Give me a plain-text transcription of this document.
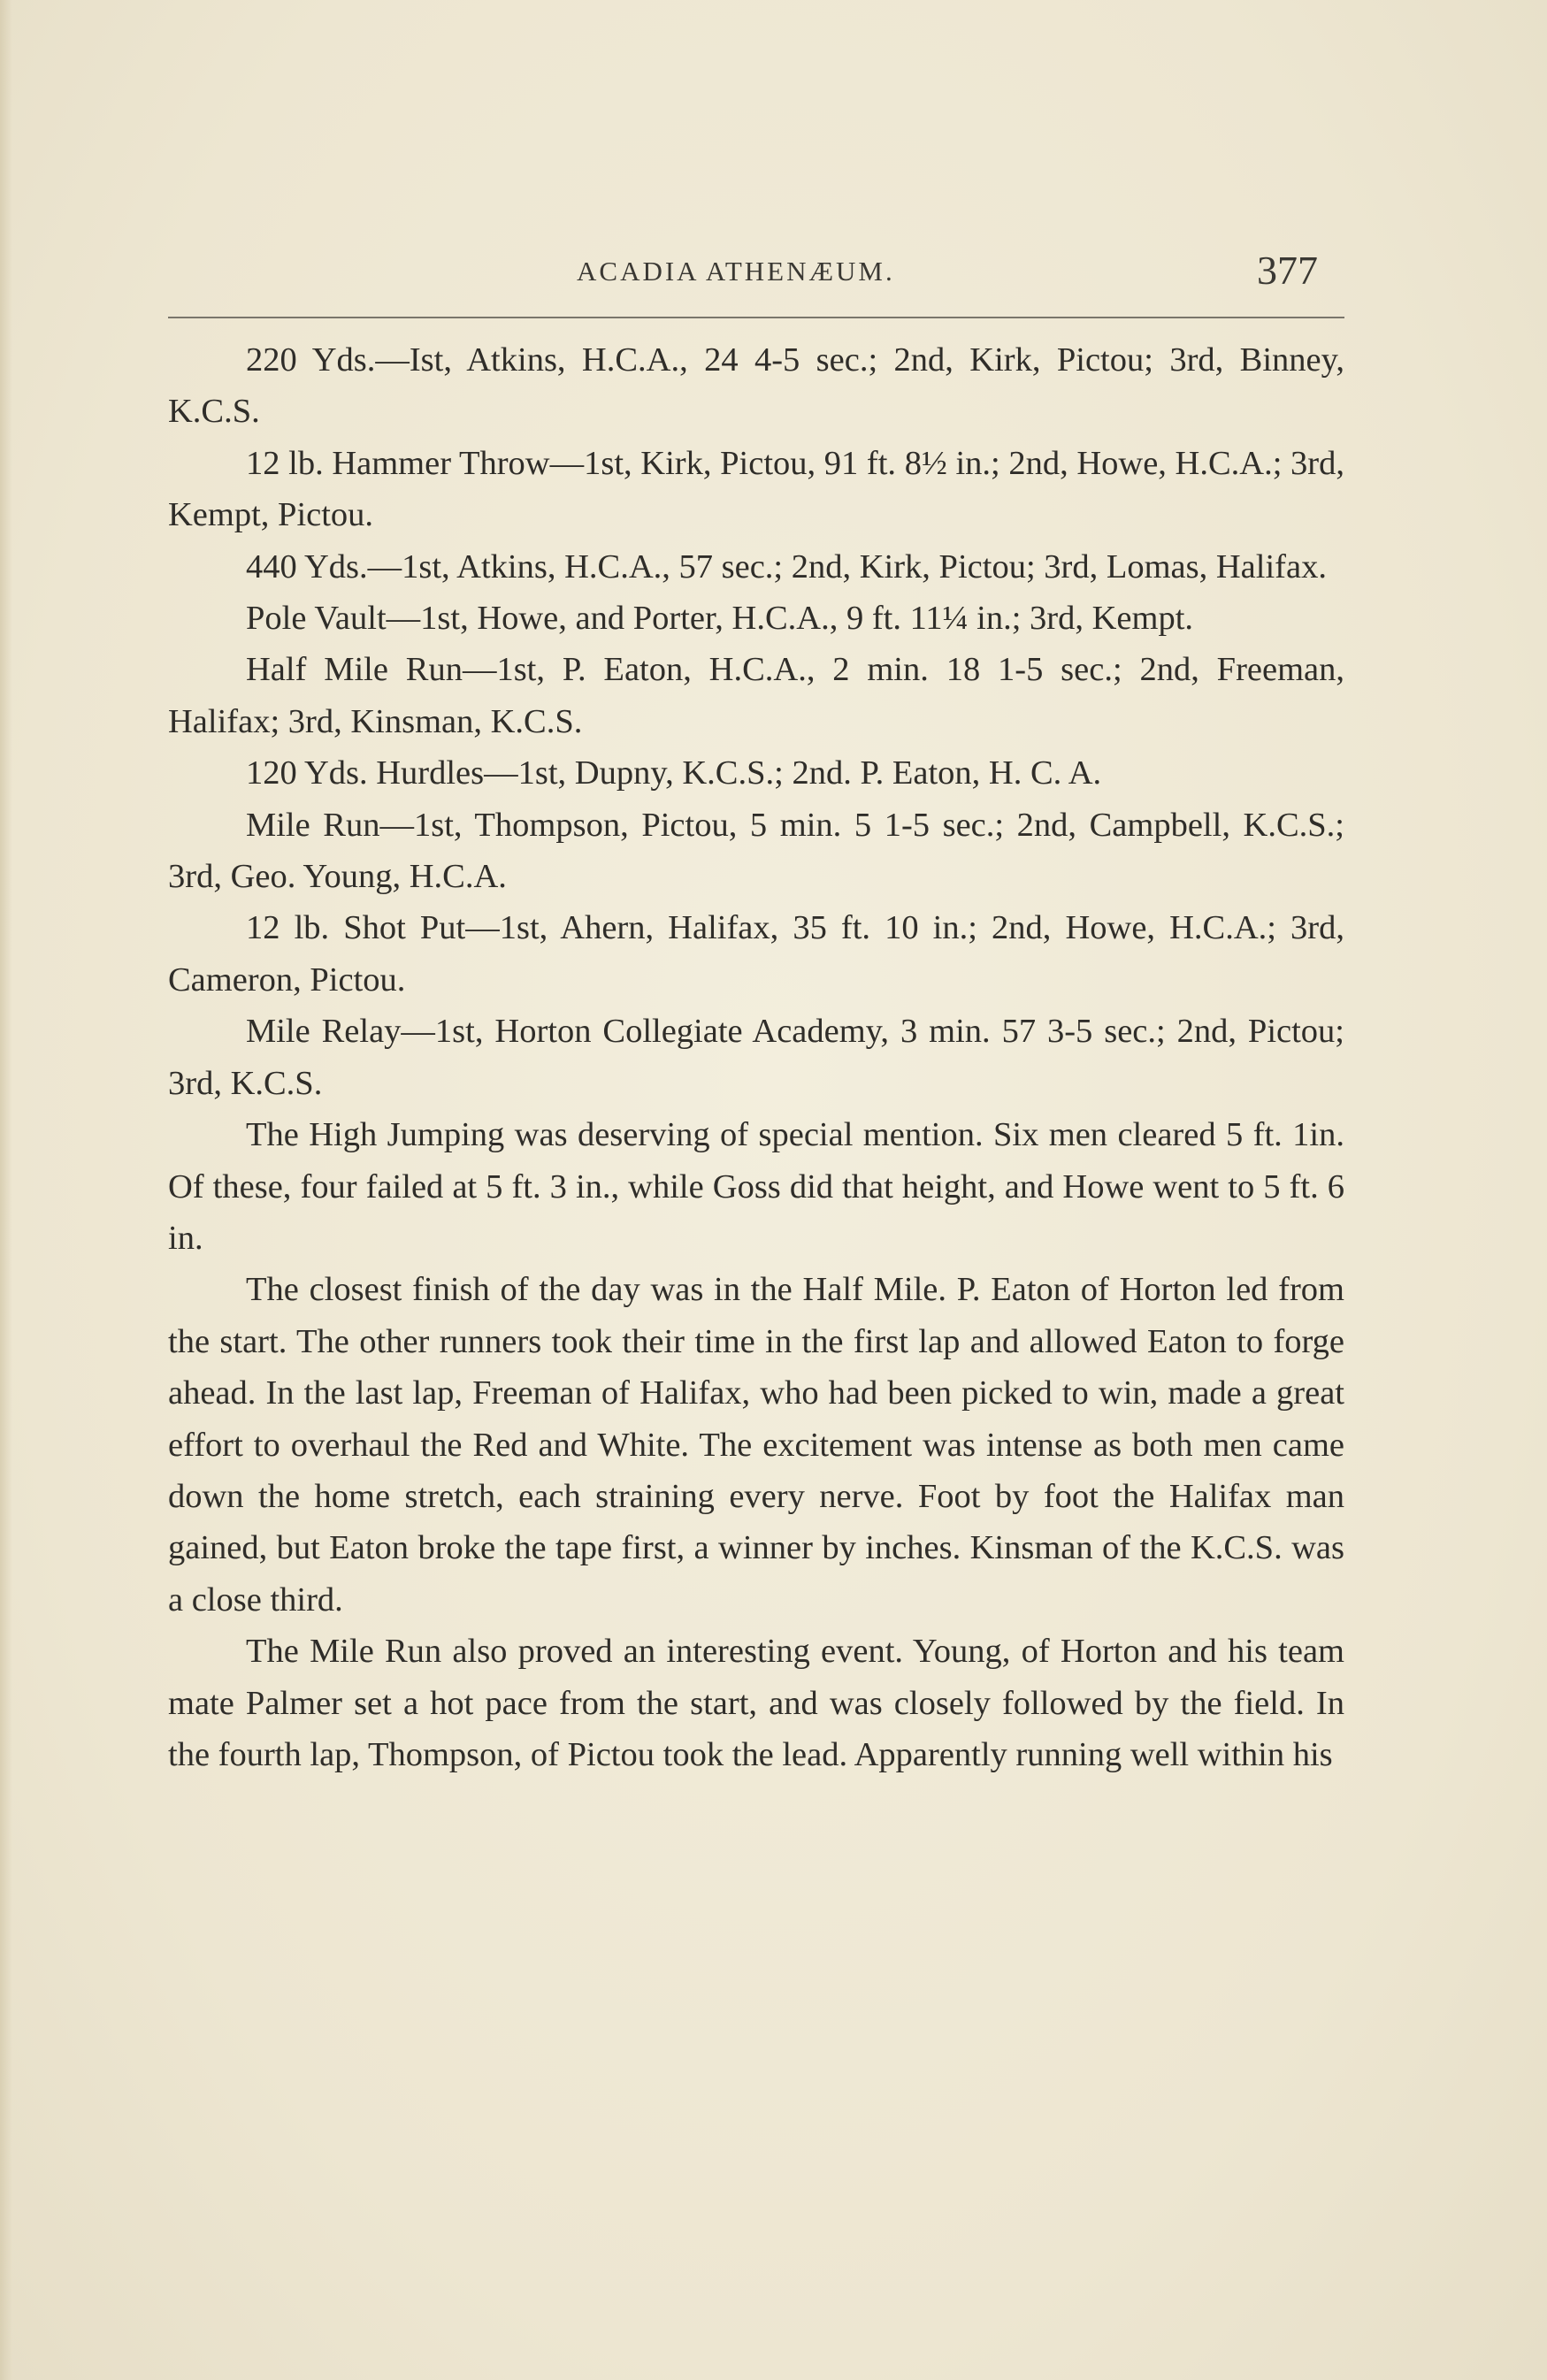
ACADIA ATHENÆUM.	377

220 Yds.—Ist, Atkins, H.C.A., 24 4-5 sec.; 2nd, Kirk, Pictou; 3rd, Binney, K.C.S.

12 lb. Hammer Throw—1st, Kirk, Pictou, 91 ft. 8½ in.; 2nd, Howe, H.C.A.; 3rd, Kempt, Pictou.

440 Yds.—1st, Atkins, H.C.A., 57 sec.; 2nd, Kirk, Pictou; 3rd, Lomas, Halifax.

Pole Vault—1st, Howe, and Porter, H.C.A., 9 ft. 11¼ in.; 3rd, Kempt.

Half Mile Run—1st, P. Eaton, H.C.A., 2 min. 18 1-5 sec.; 2nd, Freeman, Halifax; 3rd, Kinsman, K.C.S.

120 Yds. Hurdles—1st, Dupny, K.C.S.; 2nd. P. Eaton, H. C. A.

Mile Run—1st, Thompson, Pictou, 5 min. 5 1-5 sec.; 2nd, Campbell, K.C.S.; 3rd, Geo. Young, H.C.A.

12 lb. Shot Put—1st, Ahern, Halifax, 35 ft. 10 in.; 2nd, Howe, H.C.A.; 3rd, Cameron, Pictou.

Mile Relay—1st, Horton Collegiate Academy, 3 min. 57 3-5 sec.; 2nd, Pictou; 3rd, K.C.S.

The High Jumping was deserving of special mention. Six men cleared 5 ft. 1in. Of these, four failed at 5 ft. 3 in., while Goss did that height, and Howe went to 5 ft. 6 in.

The closest finish of the day was in the Half Mile. P. Eaton of Horton led from the start. The other runners took their time in the first lap and allowed Eaton to forge ahead. In the last lap, Freeman of Halifax, who had been picked to win, made a great effort to overhaul the Red and White. The excitement was intense as both men came down the home stretch, each straining every nerve. Foot by foot the Halifax man gained, but Eaton broke the tape first, a winner by inches. Kinsman of the K.C.S. was a close third.

The Mile Run also proved an interesting event. Young, of Horton and his team mate Palmer set a hot pace from the start, and was closely followed by the field. In the fourth lap, Thompson, of Pictou took the lead. Apparently running well within his
